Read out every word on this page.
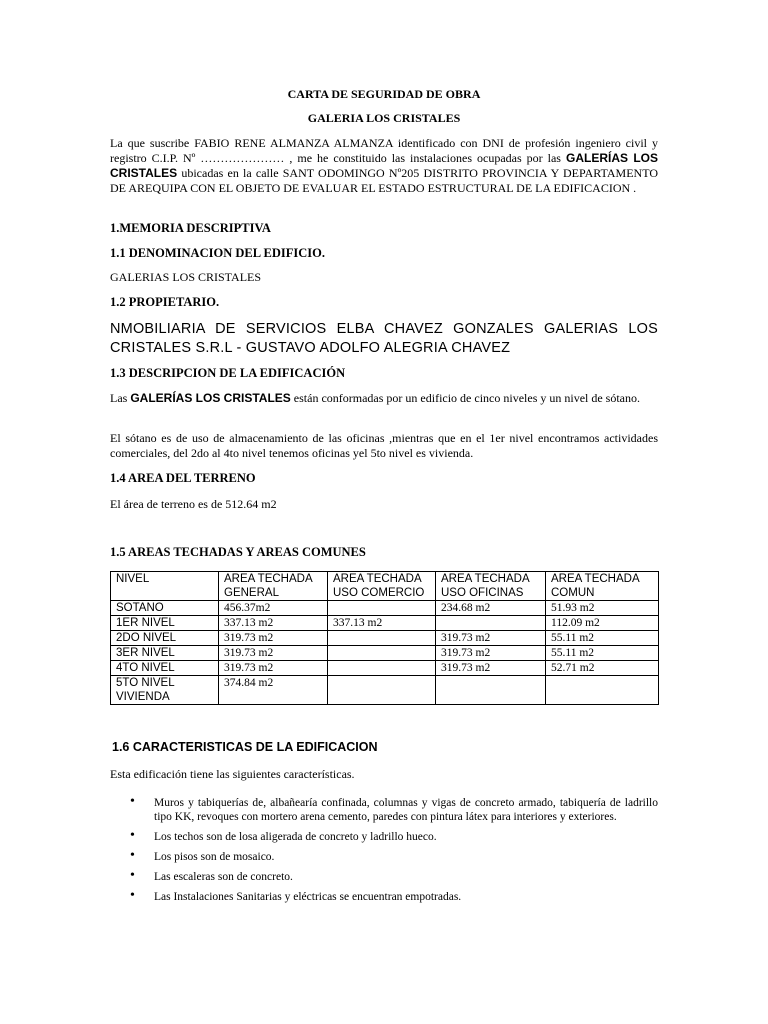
CARTA DE SEGURIDAD DE OBRA
GALERIA LOS CRISTALES
La que suscribe FABIO RENE ALMANZA ALMANZA identificado con DNI de profesión ingeniero civil y registro C.I.P. Nº ………………… , me he constituido las instalaciones ocupadas por las GALERÍAS LOS CRISTALES ubicadas en la calle SANT ODOMINGO Nº205 DISTRITO PROVINCIA Y DEPARTAMENTO DE AREQUIPA CON EL OBJETO DE EVALUAR EL ESTADO ESTRUCTURAL DE LA EDIFICACION .
1.MEMORIA DESCRIPTIVA
1.1 DENOMINACION DEL EDIFICIO.
GALERIAS LOS CRISTALES
1.2 PROPIETARIO.
NMOBILIARIA DE SERVICIOS ELBA CHAVEZ GONZALES GALERIAS LOS CRISTALES S.R.L - GUSTAVO ADOLFO ALEGRIA CHAVEZ
1.3 DESCRIPCION DE LA EDIFICACIÓN
Las GALERÍAS LOS CRISTALES están conformadas por un edificio de cinco niveles y un nivel de sótano.
El sótano es de uso de almacenamiento de las oficinas ,mientras que en el 1er nivel encontramos actividades comerciales, del 2do al 4to nivel tenemos oficinas yel 5to nivel es vivienda.
1.4 AREA DEL TERRENO
El área de terreno es de 512.64 m2
1.5 AREAS TECHADAS Y AREAS COMUNES
NIVEL	AREA TECHADA GENERAL	AREA TECHADA USO COMERCIO	AREA TECHADA USO OFICINAS	AREA TECHADA COMUN
SOTANO	456.37m2		234.68 m2	51.93 m2
1ER NIVEL	337.13 m2	337.13 m2		112.09 m2
2DO NIVEL	319.73 m2		319.73 m2	55.11 m2
3ER NIVEL	319.73 m2		319.73 m2	55.11 m2
4TO NIVEL	319.73 m2		319.73 m2	52.71 m2
5TO NIVEL VIVIENDA	374.84 m2			
1.6 CARACTERISTICAS DE LA EDIFICACION
Esta edificación tiene las siguientes características.
• Muros y tabiquerías de, albañearía confinada, columnas y vigas de concreto armado, tabiquería de ladrillo tipo KK, revoques con mortero arena cemento, paredes con pintura látex para interiores y exteriores.
• Los techos son de losa aligerada de concreto y ladrillo hueco.
• Los pisos son de mosaico.
• Las escaleras son de concreto.
• Las Instalaciones Sanitarias y eléctricas se encuentran empotradas.
